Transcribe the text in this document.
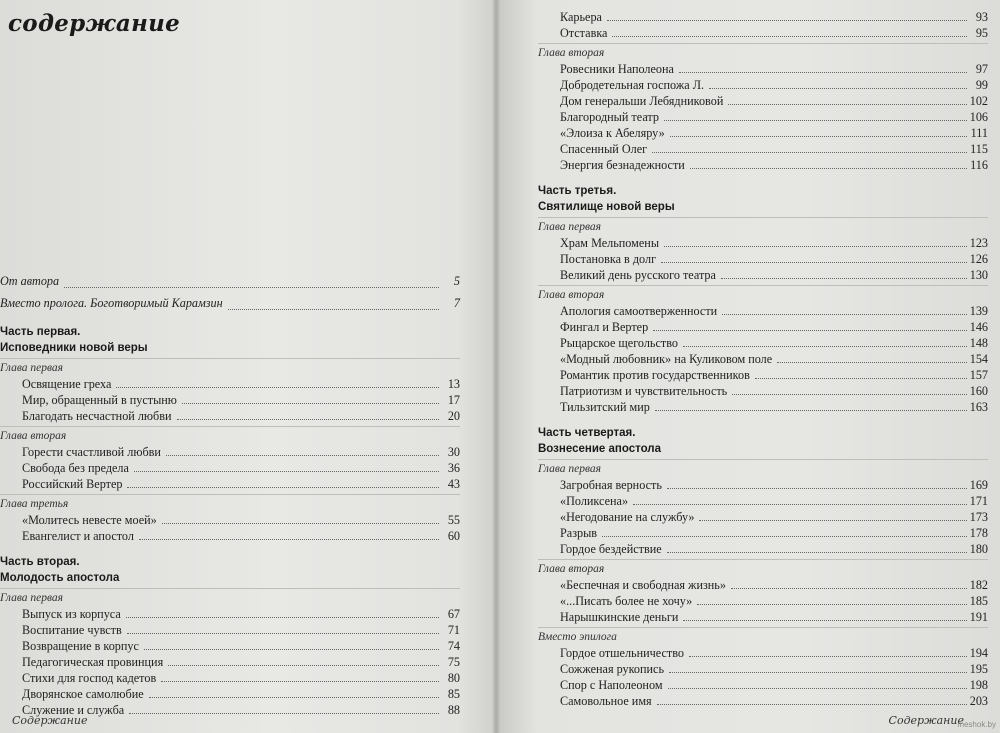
содержание
От автора	5
Вместо пролога. Боготворимый Карамзин	7
Часть первая.
Исповедники новой веры
Глава первая
Освящение греха	13
Мир, обращенный в пустыню	17
Благодать несчастной любви	20
Глава вторая
Горести счастливой любви	30
Свобода без предела	36
Российский Вертер	43
Глава третья
«Молитесь невесте моей»	55
Евангелист и апостол	60
Часть вторая.
Молодость апостола
Глава первая
Выпуск из корпуса	67
Воспитание чувств	71
Возвращение в корпус	74
Педагогическая провинция	75
Стихи для господ кадетов	80
Дворянское самолюбие	85
Служение и служба	88
Содержание	Содержание
meshok.by
Карьера	93
Отставка	95
Глава вторая
Ровесники Наполеона	97
Добродетельная госпожа Л.	99
Дом генеральши Лебядниковой	102
Благородный театр	106
«Элоиза к Абеляру»	111
Спасенный Олег	115
Энергия безнадежности	116
Часть третья.
Святилище новой веры
Глава первая
Храм Мельпомены	123
Постановка в долг	126
Великий день русского театра	130
Глава вторая
Апология самоотверженности	139
Фингал и Вертер	146
Рыцарское щегольство	148
«Модный любовник» на Куликовом поле	154
Романтик против государственников	157
Патриотизм и чувствительность	160
Тильзитский мир	163
Часть четвертая.
Вознесение апостола
Глава первая
Загробная верность	169
«Поликсена»	171
«Негодование на службу»	173
Разрыв	178
Гордое бездействие	180
Глава вторая
«Беспечная и свободная жизнь»	182
«...Писать более не хочу»	185
Нарышкинские деньги	191
Вместо эпилога
Гордое отшельничество	194
Сожженая рукопись	195
Спор с Наполеоном	198
Самовольное имя	203
